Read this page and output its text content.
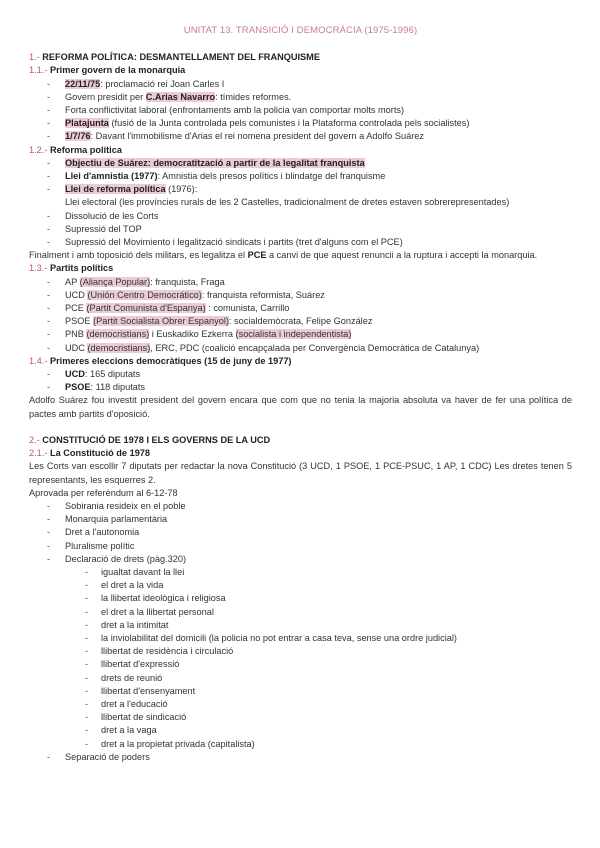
UNITAT 13. TRANSICIÓ I DEMOCRÀCIA (1975-1996)
1.- REFORMA POLÍTICA: DESMANTELLAMENT DEL FRANQUISME
1.1.- Primer govern de la monarquia
- 22/11/75: proclamació rei Joan Carles I
- Govern presidit per C.Arias Navarro: tímides reformes.
- Forta conflictivitat laboral (enfrontaments amb la policia van comportar molts morts)
- Platajunta (fusió de la Junta controlada pels comunistes i la Plataforma controlada pels socialistes)
- 1/7/76: Davant l'immobilisme d'Arias el rei nomena president del govern a Adolfo Suárez
1.2.- Reforma política
- Objectiu de Suárez: democratització a partir de la legalitat franquista
- Llei d'amnistia (1977): Amnistia dels presos polítics i blindatge del franquisme
- Llei de reforma política (1976):
Llei electoral (les províncies rurals de les 2 Castelles, tradicionalment de dretes estaven sobrerepresentades)
- Dissolució de les Corts
- Supressió del TOP
- Supressió del Movimiento i legalització sindicats i partits (tret d'alguns com el PCE)
Finalment i amb toposició dels militars, es legalitza el PCE a canvi de que aquest renuncii a la ruptura i accepti la monarquia.
1.3.- Partits polítics
- AP (Aliança Popular): franquista, Fraga
- UCD (Unión Centro Democrático): franquista reformista, Suárez
- PCE (Partit Comunista d'Espanya) : comunista, Carrillo
- PSOE (Partit Socialista Obrer Espanyol): socialdemòcrata, Felipe González
- PNB (democristians) i Euskadiko Ezkerra (socialista i independentista)
- UDC (democristians), ERC, PDC (coalició encapçalada per Convergència Democràtica de Catalunya)
1.4.- Primeres eleccions democràtiques (15 de juny de 1977)
- UCD: 165 diputats
- PSOE: 118 diputats
Adolfo Suárez fou investit president del govern encara que com que no tenia la majoria absoluta va haver de fer una política de pactes amb partits d'oposició.
2.- CONSTITUCIÓ DE 1978 I ELS GOVERNS DE LA UCD
2.1.- La Constitució de 1978
Les Corts van escollir 7 diputats per redactar la nova Constitució (3 UCD, 1 PSOE, 1 PCE-PSUC, 1 AP, 1 CDC) Les dretes tenen 5 representants, les esquerres 2.
Aprovada per referèndum al 6-12-78
- Sobirania resideix en el poble
- Monarquia parlamentària
- Dret a l'autonomia
- Pluralisme polític
- Declaració de drets (pàg.320)
- igualtat davant la llei
- el dret a la vida
- la llibertat ideològica i religiosa
- el dret a la llibertat personal
- dret a la intimitat
- la inviolabilitat del domicili (la policia no pot entrar a casa teva, sense una ordre judicial)
- llibertat de residència i circulació
- llibertat d'expressió
- drets de reunió
- llibertat d'ensenyament
- dret a l'educació
- llibertat de sindicació
- dret a la vaga
- dret a la propietat privada (capitalista)
- Separació de poders
